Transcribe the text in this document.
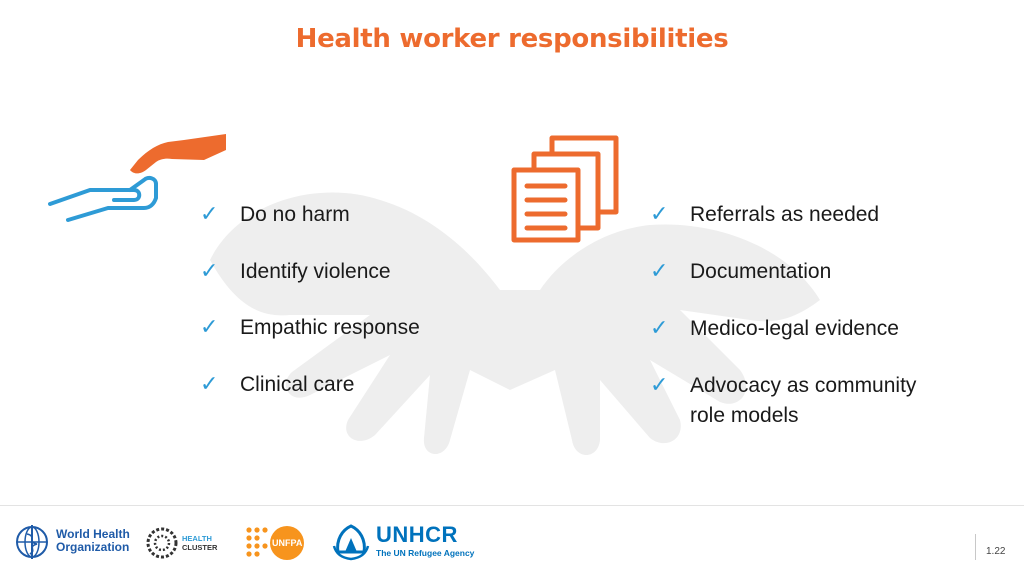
Health worker responsibilities
✓ Do no harm
✓ Identify violence
✓ Empathic response
✓ Clinical care
✓ Referrals as needed
✓ Documentation
✓ Medico-legal evidence
✓ Advocacy as community
role models
World Health
Organization
HEALTH
CLUSTER	UNFPA	UNHCR
The UN Refugee Agency	1.22
